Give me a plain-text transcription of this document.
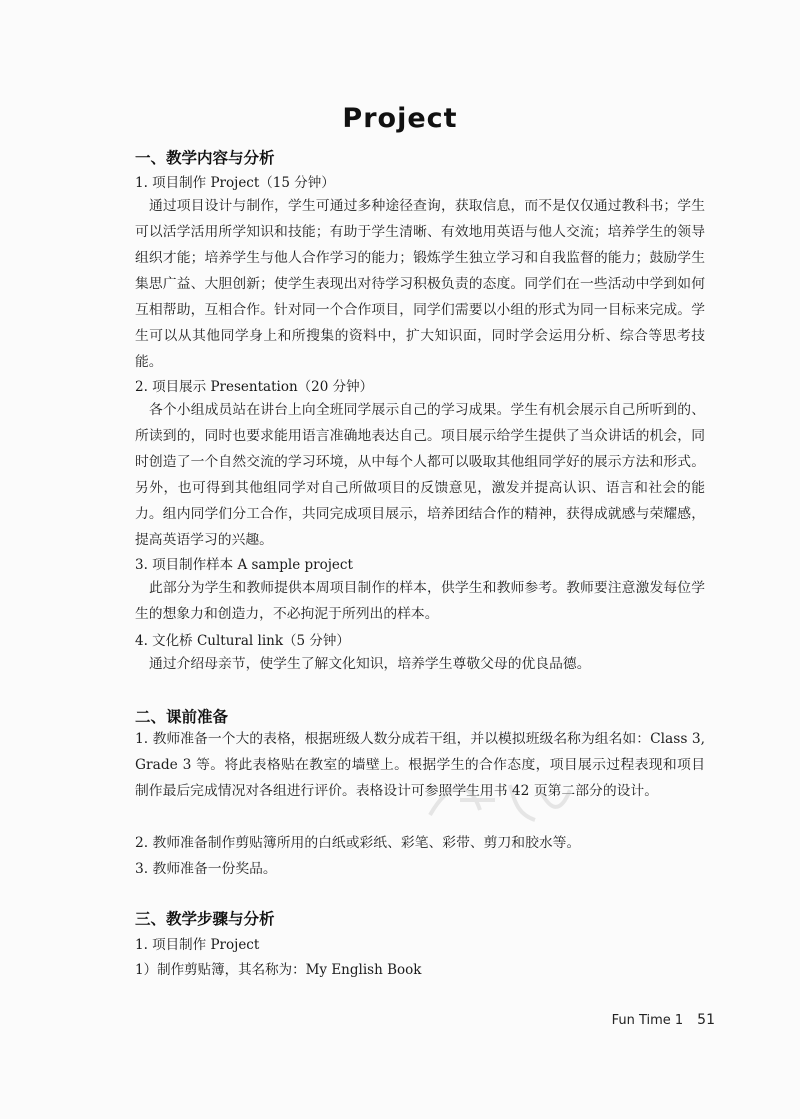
Project
一、教学内容与分析
1. 项目制作 Project（15 分钟）
通过项目设计与制作，学生可通过多种途径查询，获取信息，而不是仅仅通过教科书；学生可以活学活用所学知识和技能；有助于学生清晰、有效地用英语与他人交流；培养学生的领导组织才能；培养学生与他人合作学习的能力；锻炼学生独立学习和自我监督的能力；鼓励学生集思广益、大胆创新；使学生表现出对待学习积极负责的态度。同学们在一些活动中学到如何互相帮助，互相合作。针对同一个合作项目，同学们需要以小组的形式为同一目标来完成。学生可以从其他同学身上和所搜集的资料中，扩大知识面，同时学会运用分析、综合等思考技能。
2. 项目展示 Presentation（20 分钟）
各个小组成员站在讲台上向全班同学展示自己的学习成果。学生有机会展示自己所听到的、所读到的，同时也要求能用语言准确地表达自己。项目展示给学生提供了当众讲话的机会，同时创造了一个自然交流的学习环境，从中每个人都可以吸取其他组同学好的展示方法和形式。另外，也可得到其他组同学对自己所做项目的反馈意见，激发并提高认识、语言和社会的能力。组内同学们分工合作，共同完成项目展示，培养团结合作的精神，获得成就感与荣耀感，提高英语学习的兴趣。
3. 项目制作样本 A sample project
此部分为学生和教师提供本周项目制作的样本，供学生和教师参考。教师要注意激发每位学生的想象力和创造力，不必拘泥于所列出的样本。
4. 文化桥 Cultural link（5 分钟）
通过介绍母亲节，使学生了解文化知识，培养学生尊敬父母的优良品德。
二、课前准备
1. 教师准备一个大的表格，根据班级人数分成若干组，并以模拟班级名称为组名如：Class 3, Grade 3 等。将此表格贴在教室的墙壁上。根据学生的合作态度，项目展示过程表现和项目制作最后完成情况对各组进行评价。表格设计可参照学生用书 42 页第二部分的设计。
2. 教师准备制作剪贴簿所用的白纸或彩纸、彩笔、彩带、剪刀和胶水等。
3. 教师准备一份奖品。
三、教学步骤与分析
1. 项目制作 Project
1）制作剪贴簿，其名称为：My English Book
Fun Time 1 51
